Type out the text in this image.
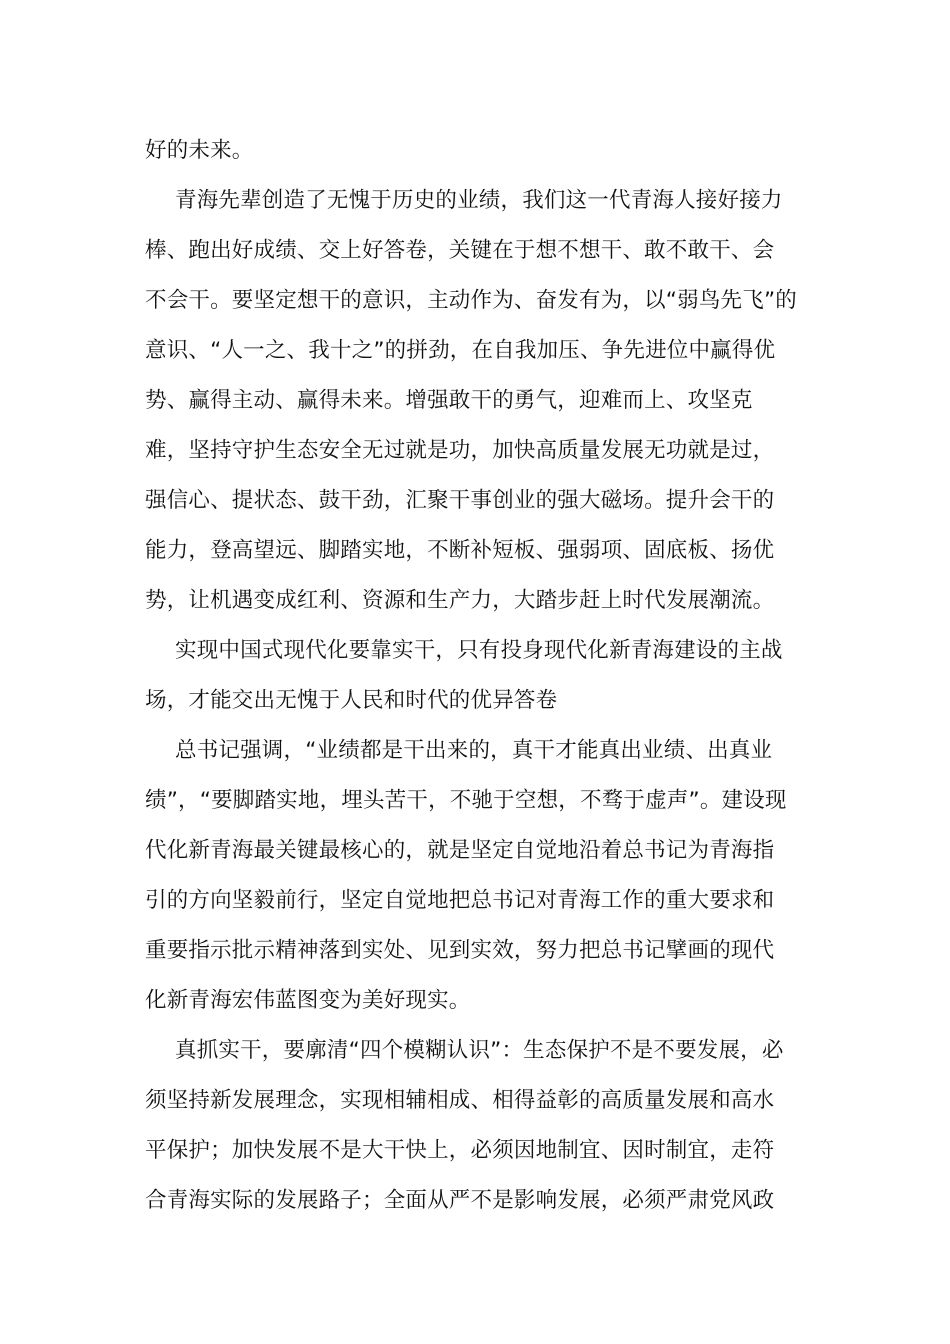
好的未来。
青海先辈创造了无愧于历史的业绩，我们这一代青海人接好接力
棒、跑出好成绩、交上好答卷，关键在于想不想干、敢不敢干、会
不会干。要坚定想干的意识，主动作为、奋发有为，以“弱鸟先飞”的
意识、“人一之、我十之”的拼劲，在自我加压、争先进位中赢得优
势、赢得主动、赢得未来。增强敢干的勇气，迎难而上、攻坚克
难，坚持守护生态安全无过就是功，加快高质量发展无功就是过，
强信心、提状态、鼓干劲，汇聚干事创业的强大磁场。提升会干的
能力，登高望远、脚踏实地，不断补短板、强弱项、固底板、扬优
势，让机遇变成红利、资源和生产力，大踏步赶上时代发展潮流。
实现中国式现代化要靠实干，只有投身现代化新青海建设的主战
场，才能交出无愧于人民和时代的优异答卷
总书记强调，“业绩都是干出来的，真干才能真出业绩、出真业
绩”，“要脚踏实地，埋头苦干，不驰于空想，不骛于虚声”。建设现
代化新青海最关键最核心的，就是坚定自觉地沿着总书记为青海指
引的方向坚毅前行，坚定自觉地把总书记对青海工作的重大要求和
重要指示批示精神落到实处、见到实效，努力把总书记擘画的现代
化新青海宏伟蓝图变为美好现实。
真抓实干，要廓清“四个模糊认识”：生态保护不是不要发展，必
须坚持新发展理念，实现相辅相成、相得益彰的高质量发展和高水
平保护；加快发展不是大干快上，必须因地制宜、因时制宜，走符
合青海实际的发展路子；全面从严不是影响发展，必须严肃党风政
